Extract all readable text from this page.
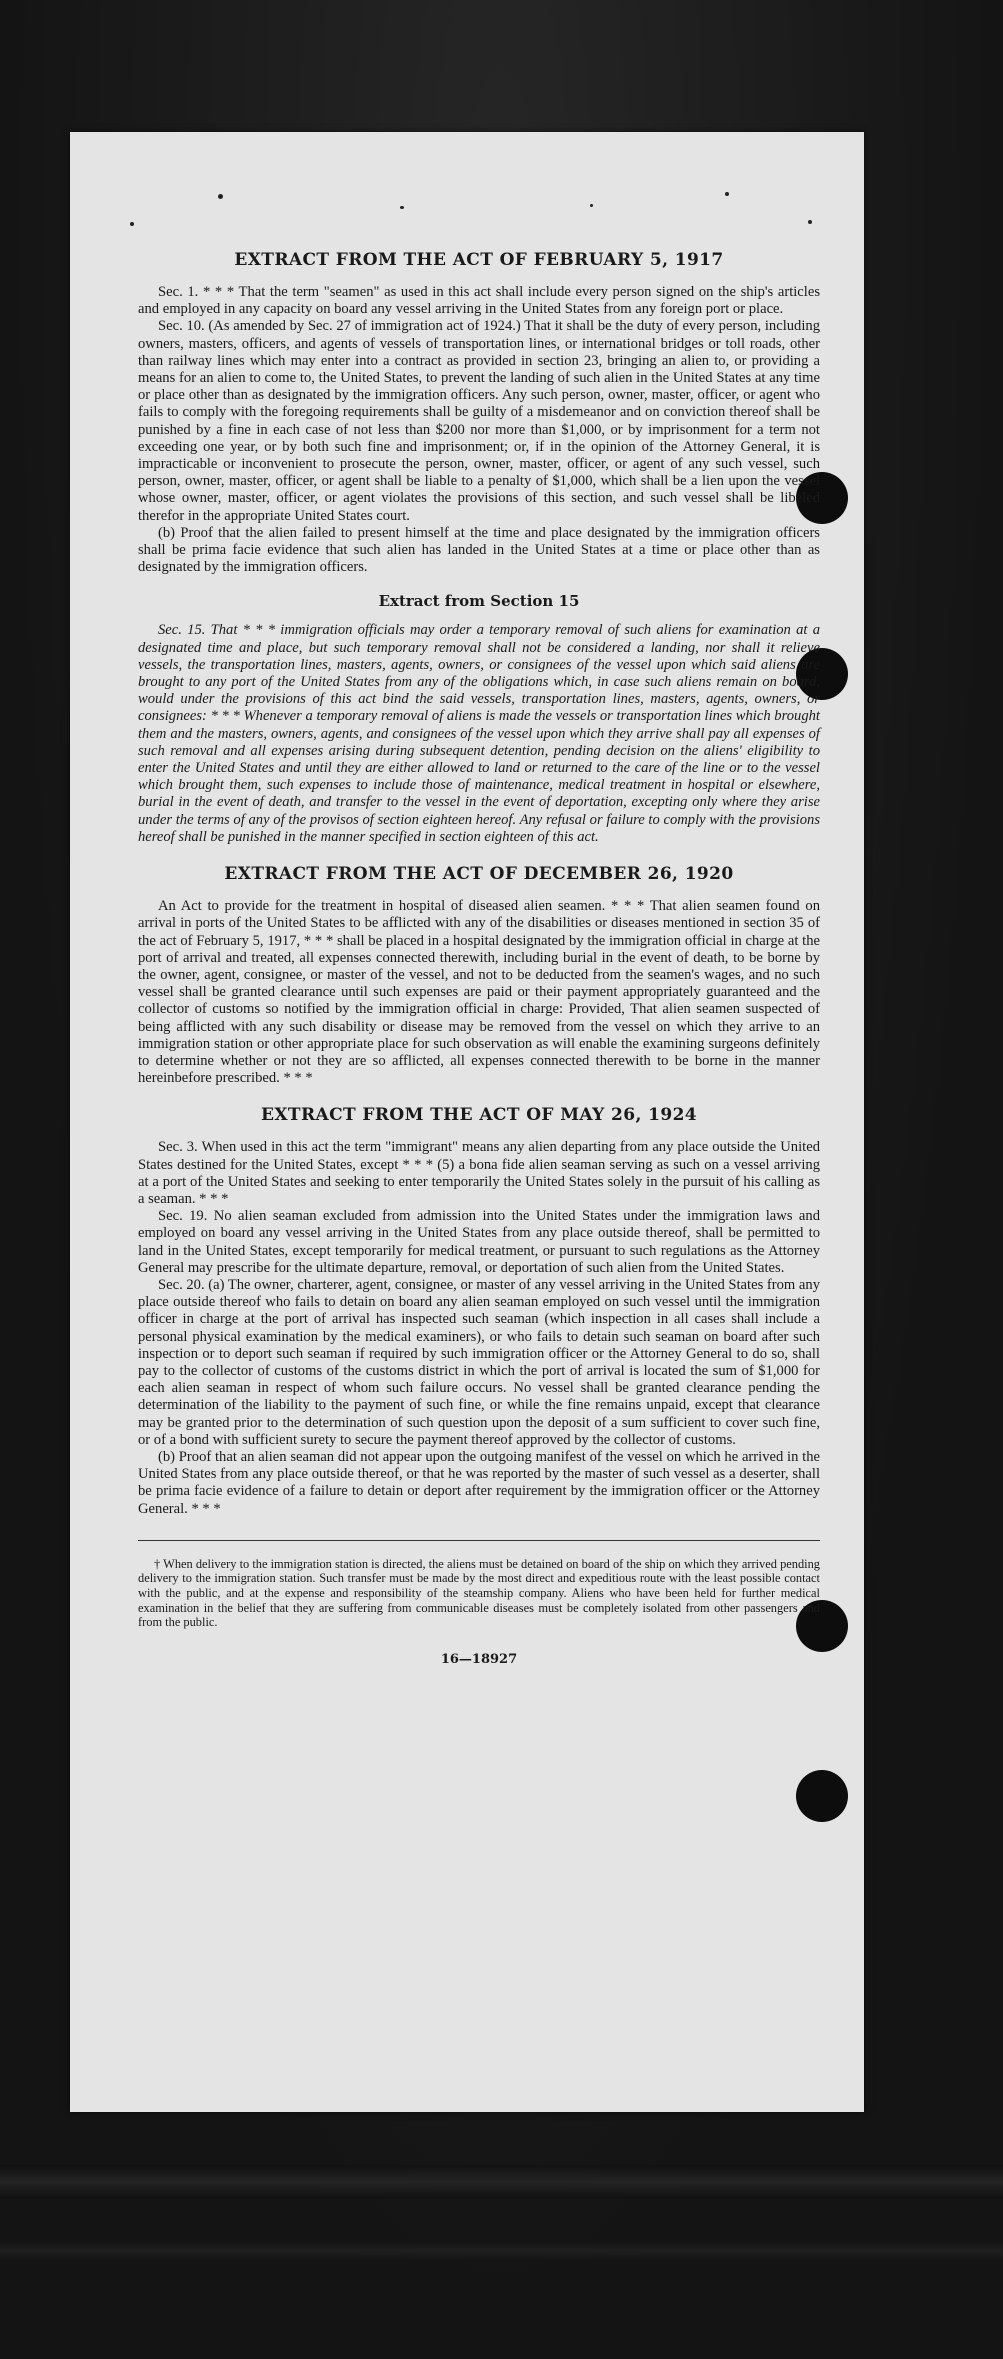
EXTRACT FROM THE ACT OF FEBRUARY 5, 1917

Sec. 1. * * * That the term "seamen" as used in this act shall include every person signed on the ship's articles and employed in any capacity on board any vessel arriving in the United States from any foreign port or place.

Sec. 10. (As amended by Sec. 27 of immigration act of 1924.) That it shall be the duty of every person, including owners, masters, officers, and agents of vessels of transportation lines, or international bridges or toll roads, other than railway lines which may enter into a contract as provided in section 23, bringing an alien to, or providing a means for an alien to come to, the United States, to prevent the landing of such alien in the United States at any time or place other than as designated by the immigration officers. Any such person, owner, master, officer, or agent who fails to comply with the foregoing requirements shall be guilty of a misdemeanor and on conviction thereof shall be punished by a fine in each case of not less than $200 nor more than $1,000, or by imprisonment for a term not exceeding one year, or by both such fine and imprisonment; or, if in the opinion of the Attorney General, it is impracticable or inconvenient to prosecute the person, owner, master, officer, or agent of any such vessel, such person, owner, master, officer, or agent shall be liable to a penalty of $1,000, which shall be a lien upon the vessel whose owner, master, officer, or agent violates the provisions of this section, and such vessel shall be libeled therefor in the appropriate United States court.

(b) Proof that the alien failed to present himself at the time and place designated by the immigration officers shall be prima facie evidence that such alien has landed in the United States at a time or place other than as designated by the immigration officers.

Extract from Section 15

Sec. 15. That * * * immigration officials may order a temporary removal of such aliens for examination at a designated time and place, but such temporary removal shall not be considered a landing, nor shall it relieve vessels, the transportation lines, masters, agents, owners, or consignees of the vessel upon which said aliens are brought to any port of the United States from any of the obligations which, in case such aliens remain on board, would under the provisions of this act bind the said vessels, transportation lines, masters, agents, owners, or consignees: * * * Whenever a temporary removal of aliens is made the vessels or transportation lines which brought them and the masters, owners, agents, and consignees of the vessel upon which they arrive shall pay all expenses of such removal and all expenses arising during subsequent detention, pending decision on the aliens' eligibility to enter the United States and until they are either allowed to land or returned to the care of the line or to the vessel which brought them, such expenses to include those of maintenance, medical treatment in hospital or elsewhere, burial in the event of death, and transfer to the vessel in the event of deportation, excepting only where they arise under the terms of any of the provisos of section eighteen hereof. Any refusal or failure to comply with the provisions hereof shall be punished in the manner specified in section eighteen of this act.

EXTRACT FROM THE ACT OF DECEMBER 26, 1920

An Act to provide for the treatment in hospital of diseased alien seamen. * * * That alien seamen found on arrival in ports of the United States to be afflicted with any of the disabilities or diseases mentioned in section 35 of the act of February 5, 1917, * * * shall be placed in a hospital designated by the immigration official in charge at the port of arrival and treated, all expenses connected therewith, including burial in the event of death, to be borne by the owner, agent, consignee, or master of the vessel, and not to be deducted from the seamen's wages, and no such vessel shall be granted clearance until such expenses are paid or their payment appropriately guaranteed and the collector of customs so notified by the immigration official in charge: Provided, That alien seamen suspected of being afflicted with any such disability or disease may be removed from the vessel on which they arrive to an immigration station or other appropriate place for such observation as will enable the examining surgeons definitely to determine whether or not they are so afflicted, all expenses connected therewith to be borne in the manner hereinbefore prescribed. * * *

EXTRACT FROM THE ACT OF MAY 26, 1924

Sec. 3. When used in this act the term "immigrant" means any alien departing from any place outside the United States destined for the United States, except * * * (5) a bona fide alien seaman serving as such on a vessel arriving at a port of the United States and seeking to enter temporarily the United States solely in the pursuit of his calling as a seaman. * * *

Sec. 19. No alien seaman excluded from admission into the United States under the immigration laws and employed on board any vessel arriving in the United States from any place outside thereof, shall be permitted to land in the United States, except temporarily for medical treatment, or pursuant to such regulations as the Attorney General may prescribe for the ultimate departure, removal, or deportation of such alien from the United States.

Sec. 20. (a) The owner, charterer, agent, consignee, or master of any vessel arriving in the United States from any place outside thereof who fails to detain on board any alien seaman employed on such vessel until the immigration officer in charge at the port of arrival has inspected such seaman (which inspection in all cases shall include a personal physical examination by the medical examiners), or who fails to detain such seaman on board after such inspection or to deport such seaman if required by such immigration officer or the Attorney General to do so, shall pay to the collector of customs of the customs district in which the port of arrival is located the sum of $1,000 for each alien seaman in respect of whom such failure occurs. No vessel shall be granted clearance pending the determination of the liability to the payment of such fine, or while the fine remains unpaid, except that clearance may be granted prior to the determination of such question upon the deposit of a sum sufficient to cover such fine, or of a bond with sufficient surety to secure the payment thereof approved by the collector of customs.

(b) Proof that an alien seaman did not appear upon the outgoing manifest of the vessel on which he arrived in the United States from any place outside thereof, or that he was reported by the master of such vessel as a deserter, shall be prima facie evidence of a failure to detain or deport after requirement by the immigration officer or the Attorney General. * * *

† When delivery to the immigration station is directed, the aliens must be detained on board of the ship on which they arrived pending delivery to the immigration station. Such transfer must be made by the most direct and expeditious route with the least possible contact with the public, and at the expense and responsibility of the steamship company. Aliens who have been held for further medical examination in the belief that they are suffering from communicable diseases must be completely isolated from other passengers and from the public.

16—18927
